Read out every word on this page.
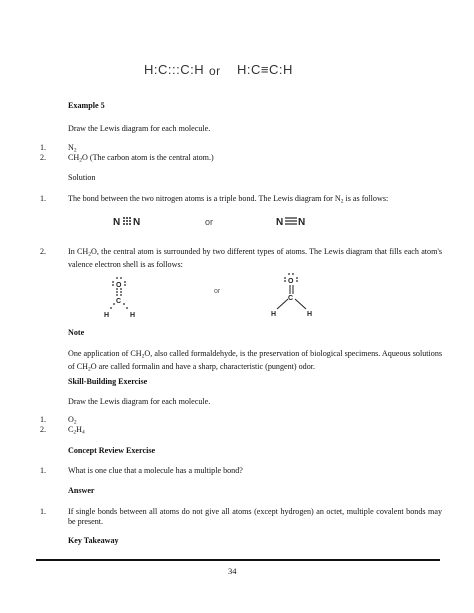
H:C:::C:H or H:C≡C:H
Example 5
Draw the Lewis diagram for each molecule.
1.	$N_2$
2.	$CH_2O$ (The carbon atom is the central atom.)
Solution
1.	The bond between the two nitrogen atoms is a triple bond. The Lewis diagram for $N_2$ is as follows:
N N	or	N N
2.	In $CH_2O$, the central atom is surrounded by two different types of atoms. The Lewis diagram that fills each atom's valence electron shell is as follows:
O
C
H	H
or
O
C
H	H
Note
One application of $CH_2O$, also called formaldehyde, is the preservation of biological specimens. Aqueous solutions of $CH_2O$ are called formalin and have a sharp, characteristic (pungent) odor.
Skill-Building Exercise
Draw the Lewis diagram for each molecule.
1.	$O_2$
2.	$C_2H_4$
Concept Review Exercise
1.	What is one clue that a molecule has a multiple bond?
Answer
1.	If single bonds between all atoms do not give all atoms (except hydrogen) an octet, multiple covalent bonds may be present.
Key Takeaway
34
